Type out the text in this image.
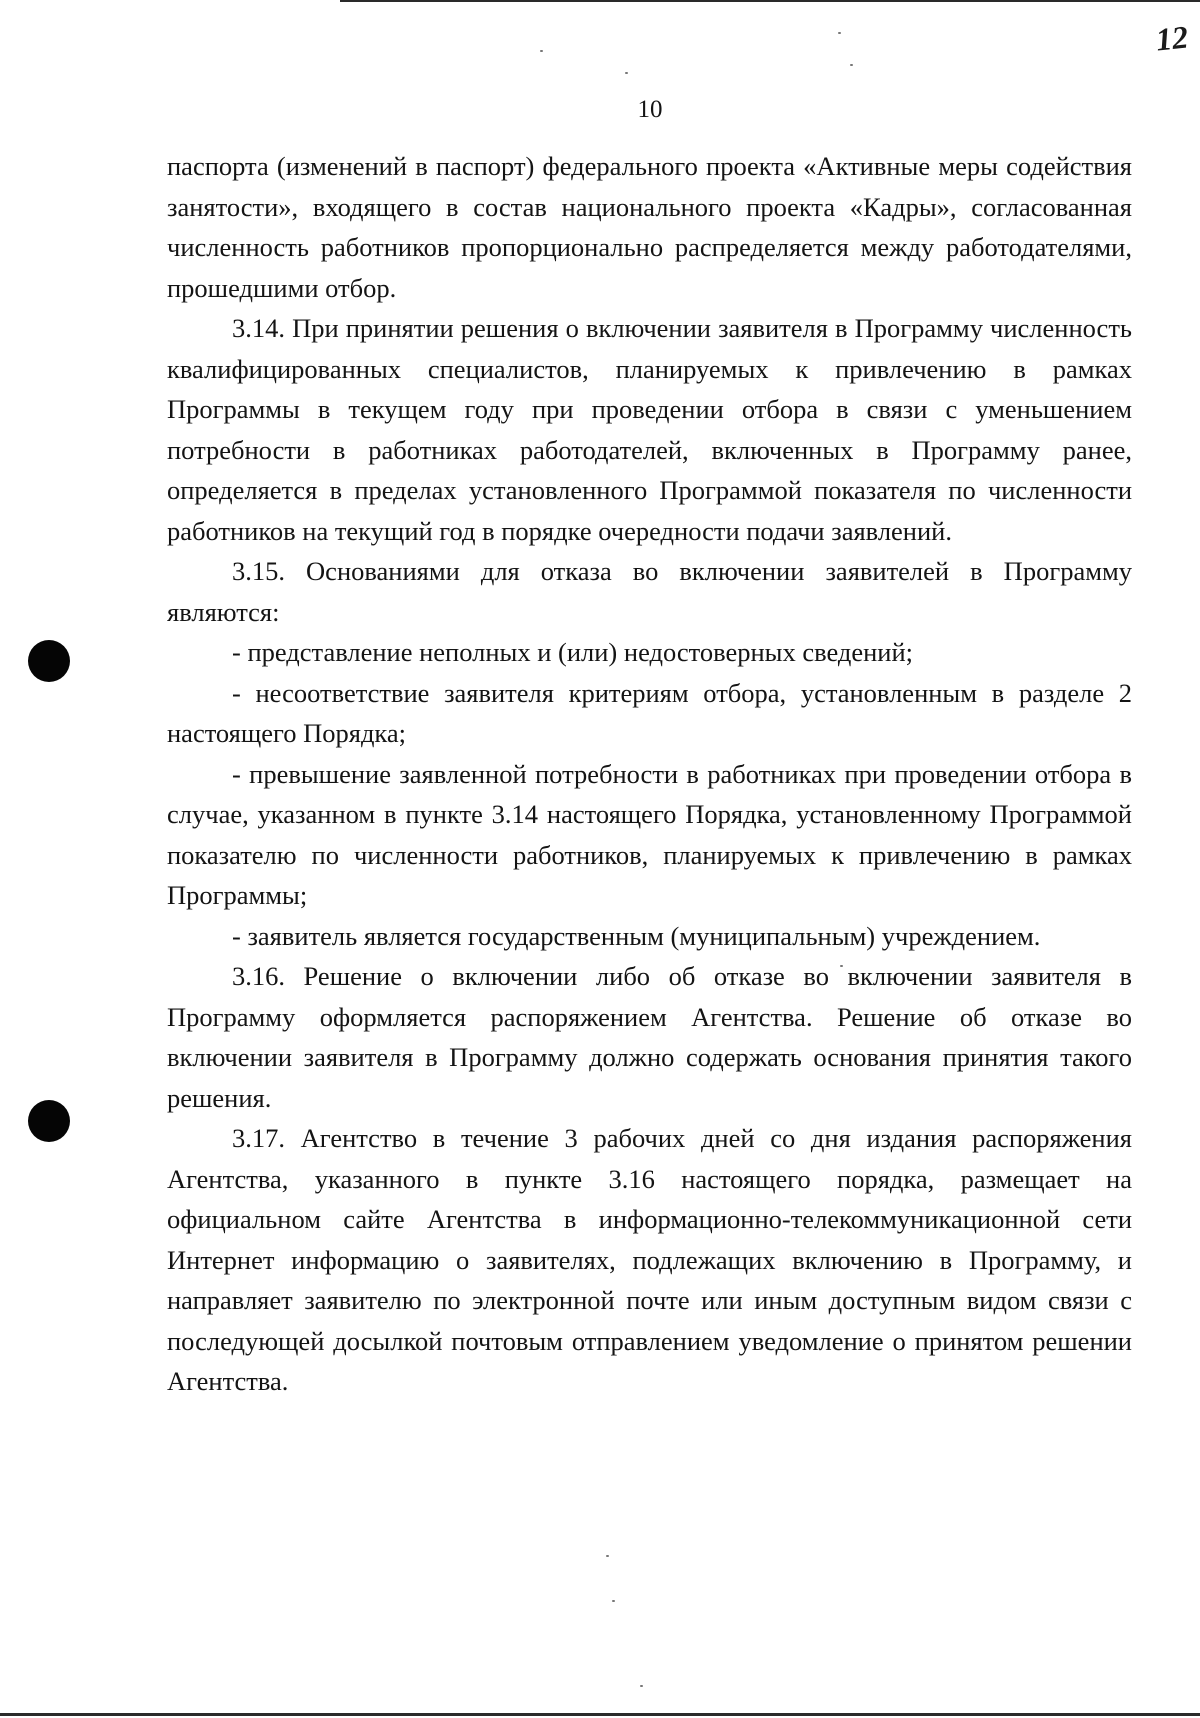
12
10

паспорта (изменений в паспорт) федерального проекта «Активные меры содействия занятости», входящего в состав национального проекта «Кадры», согласованная численность работников пропорционально распределяется между работодателями, прошедшими отбор.

3.14. При принятии решения о включении заявителя в Программу численность квалифицированных специалистов, планируемых к привлечению в рамках Программы в текущем году при проведении отбора в связи с уменьшением потребности в работниках работодателей, включенных в Программу ранее, определяется в пределах установленного Программой показателя по численности работников на текущий год в порядке очередности подачи заявлений.

3.15. Основаниями для отказа во включении заявителей в Программу являются:

- представление неполных и (или) недостоверных сведений;

- несоответствие заявителя критериям отбора, установленным в разделе 2 настоящего Порядка;

- превышение заявленной потребности в работниках при проведении отбора в случае, указанном в пункте 3.14 настоящего Порядка, установленному Программой показателю по численности работников, планируемых к привлечению в рамках Программы;

- заявитель является государственным (муниципальным) учреждением.

3.16. Решение о включении либо об отказе во включении заявителя в Программу оформляется распоряжением Агентства. Решение об отказе во включении заявителя в Программу должно содержать основания принятия такого решения.

3.17. Агентство в течение 3 рабочих дней со дня издания распоряжения Агентства, указанного в пункте 3.16 настоящего порядка, размещает на официальном сайте Агентства в информационно-телекоммуникационной сети Интернет информацию о заявителях, подлежащих включению в Программу, и направляет заявителю по электронной почте или иным доступным видом связи с последующей досылкой почтовым отправлением уведомление о принятом решении Агентства.
